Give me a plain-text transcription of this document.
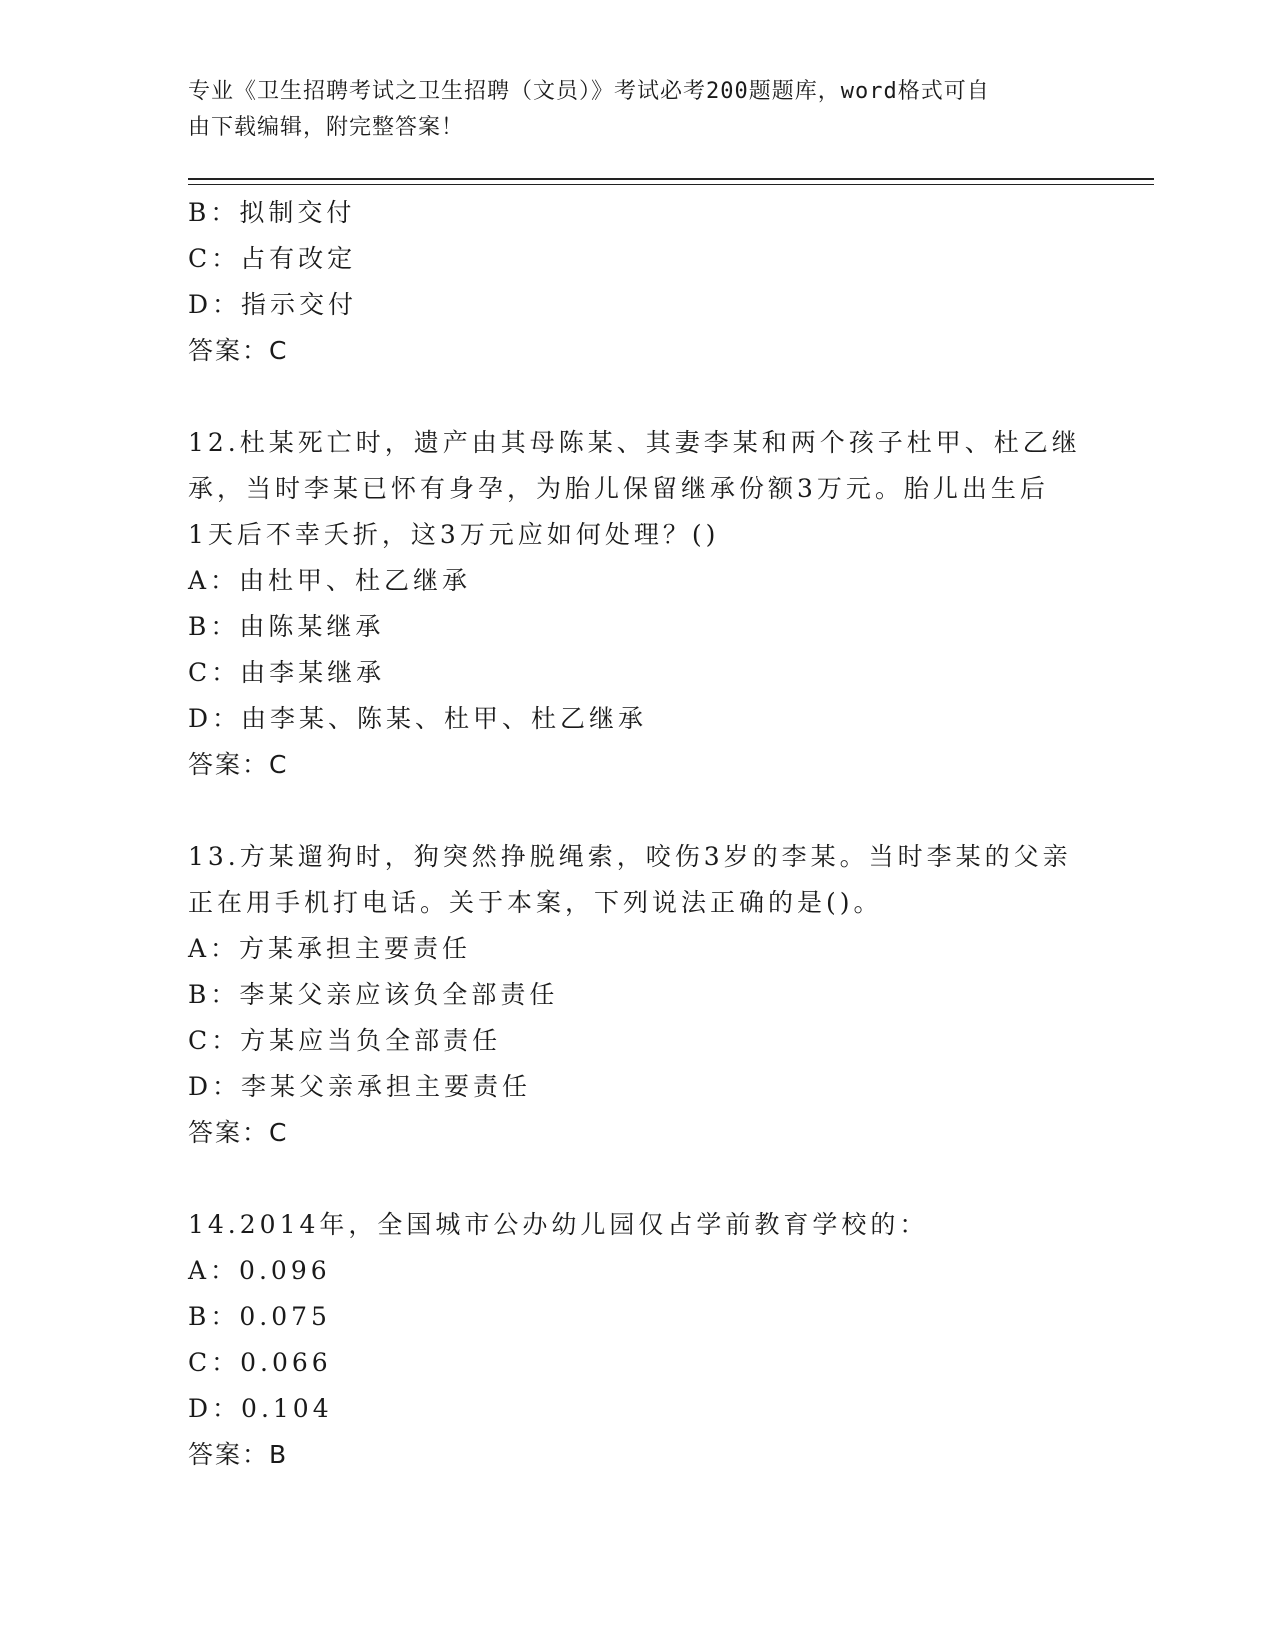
专业《卫生招聘考试之卫生招聘（文员）》考试必考200题题库，word格式可自
由下载编辑，附完整答案！
B：拟制交付
C：占有改定
D：指示交付
答案：C
12.杜某死亡时，遗产由其母陈某、其妻李某和两个孩子杜甲、杜乙继
承，当时李某已怀有身孕，为胎儿保留继承份额3万元。胎儿出生后
1天后不幸夭折，这3万元应如何处理？()
A：由杜甲、杜乙继承
B：由陈某继承
C：由李某继承
D：由李某、陈某、杜甲、杜乙继承
答案：C
13.方某遛狗时，狗突然挣脱绳索，咬伤3岁的李某。当时李某的父亲
正在用手机打电话。关于本案，下列说法正确的是()。
A：方某承担主要责任
B：李某父亲应该负全部责任
C：方某应当负全部责任
D：李某父亲承担主要责任
答案：C
14.2014年，全国城市公办幼儿园仅占学前教育学校的：
A：0.096
B：0.075
C：0.066
D：0.104
答案：B
